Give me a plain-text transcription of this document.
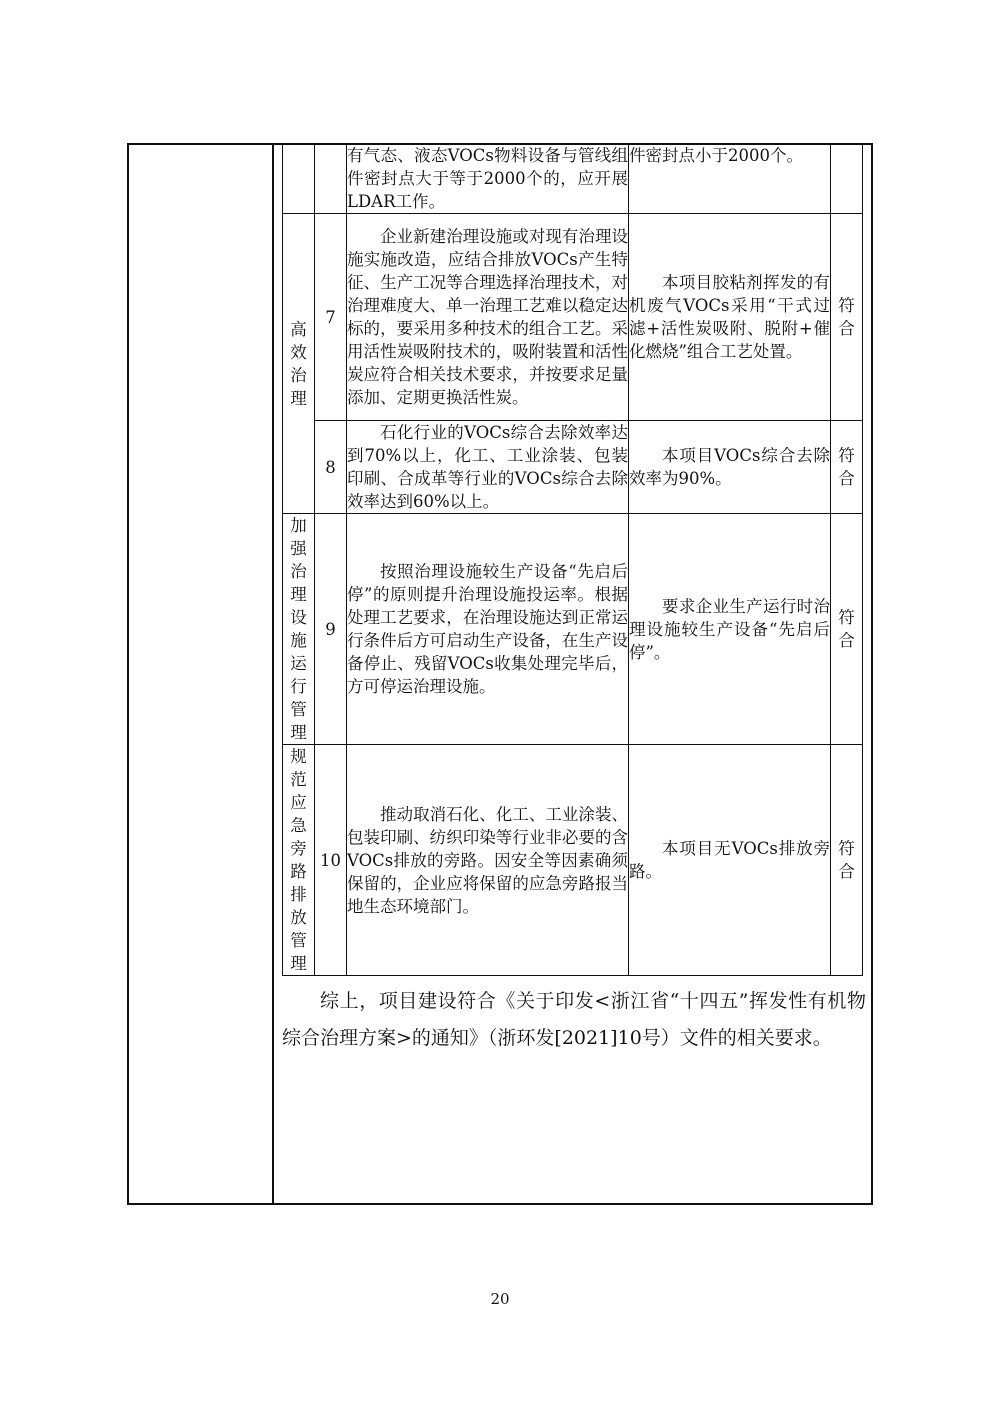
		有气态、液态VOCs物料设备与管线组件密封点大于等于2000个的，应开展LDAR工作。	件密封点小于2000个。	
高效治理	7	企业新建治理设施或对现有治理设施实施改造，应结合排放VOCs产生特征、生产工况等合理选择治理技术，对治理难度大、单一治理工艺难以稳定达标的，要采用多种技术的组合工艺。采用活性炭吸附技术的，吸附装置和活性炭应符合相关技术要求，并按要求足量添加、定期更换活性炭。	本项目胶粘剂挥发的有机废气VOCs采用“干式过滤+活性炭吸附、脱附+催化燃烧”组合工艺处置。	符合
	8	石化行业的VOCs综合去除效率达到70%以上，化工、工业涂装、包装印刷、合成革等行业的VOCs综合去除效率达到60%以上。	本项目VOCs综合去除效率为90%。	符合
加强治理设施运行管理	9	按照治理设施较生产设备“先启后停”的原则提升治理设施投运率。根据处理工艺要求，在治理设施达到正常运行条件后方可启动生产设备，在生产设备停止、残留VOCs收集处理完毕后，方可停运治理设施。	要求企业生产运行时治理设施较生产设备“先启后停”。	符合
规范应急旁路排放管理	10	推动取消石化、化工、工业涂装、包装印刷、纺织印染等行业非必要的含VOCs排放的旁路。因安全等因素确须保留的，企业应将保留的应急旁路报当地生态环境部门。	本项目无VOCs排放旁路。	符合
综上，项目建设符合《关于印发<浙江省“十四五”挥发性有机物综合治理方案>的通知》（浙环发[2021]10号）文件的相关要求。
20
